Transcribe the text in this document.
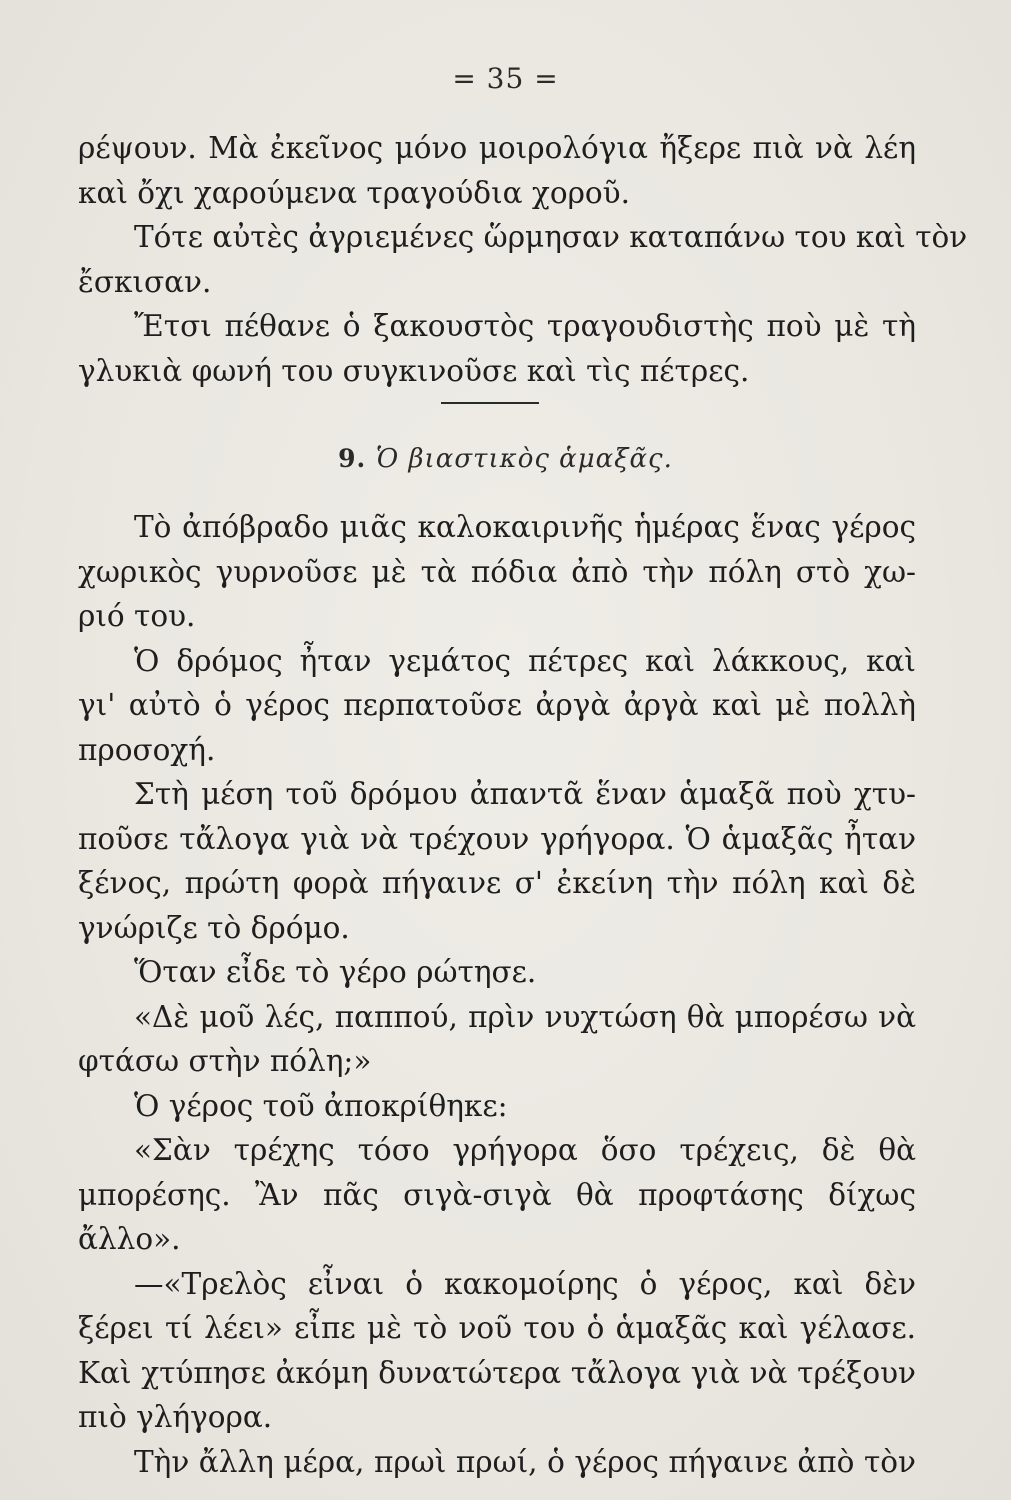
= 35 =
ρέψουν. Μὰ ἐκεῖνος μόνο μοιρολόγια ἤξερε πιὰ νὰ λέη
καὶ ὄχι χαρούμενα τραγούδια χοροῦ.
Τότε αὐτὲς ἀγριεμένες ὥρμησαν καταπάνω του καὶ τὸν
ἔσκισαν.
Ἔτσι πέθανε ὁ ξακουστὸς τραγουδιστὴς ποὺ μὲ τὴ
γλυκιὰ φωνή του συγκινοῦσε καὶ τὶς πέτρες.
9. Ὁ βιαστικὸς ἁμαξᾶς.
Τὸ ἀπόβραδο μιᾶς καλοκαιρινῆς ἡμέρας ἕνας γέρος
χωρικὸς γυρνοῦσε μὲ τὰ πόδια ἀπὸ τὴν πόλη στὸ χω-
ριό του.
Ὁ δρόμος ἦταν γεμάτος πέτρες καὶ λάκκους, καὶ
γι' αὐτὸ ὁ γέρος περπατοῦσε ἀργὰ ἀργὰ καὶ μὲ πολλὴ
προσοχή.
Στὴ μέση τοῦ δρόμου ἀπαντᾶ ἕναν ἁμαξᾶ ποὺ χτυ-
ποῦσε τἄλογα γιὰ νὰ τρέχουν γρήγορα. Ὁ ἁμαξᾶς ἦταν
ξένος, πρώτη φορὰ πήγαινε σ' ἐκείνη τὴν πόλη καὶ δὲ
γνώριζε τὸ δρόμο.
Ὅταν εἶδε τὸ γέρο ρώτησε.
«Δὲ μοῦ λές, παππού, πρὶν νυχτώση θὰ μπορέσω νὰ
φτάσω στὴν πόλη;»
Ὁ γέρος τοῦ ἀποκρίθηκε:
«Σὰν τρέχης τόσο γρήγορα ὅσο τρέχεις, δὲ θὰ
μπορέσης. Ἂν πᾶς σιγὰ-σιγὰ θὰ προφτάσης δίχως
ἄλλο».
—«Τρελὸς εἶναι ὁ κακομοίρης ὁ γέρος, καὶ δὲν
ξέρει τί λέει» εἶπε μὲ τὸ νοῦ του ὁ ἁμαξᾶς καὶ γέλασε.
Καὶ χτύπησε ἀκόμη δυνατώτερα τἄλογα γιὰ νὰ τρέξουν
πιὸ γλήγορα.
Τὴν ἄλλη μέρα, πρωὶ πρωί, ὁ γέρος πήγαινε ἀπὸ τὸν
